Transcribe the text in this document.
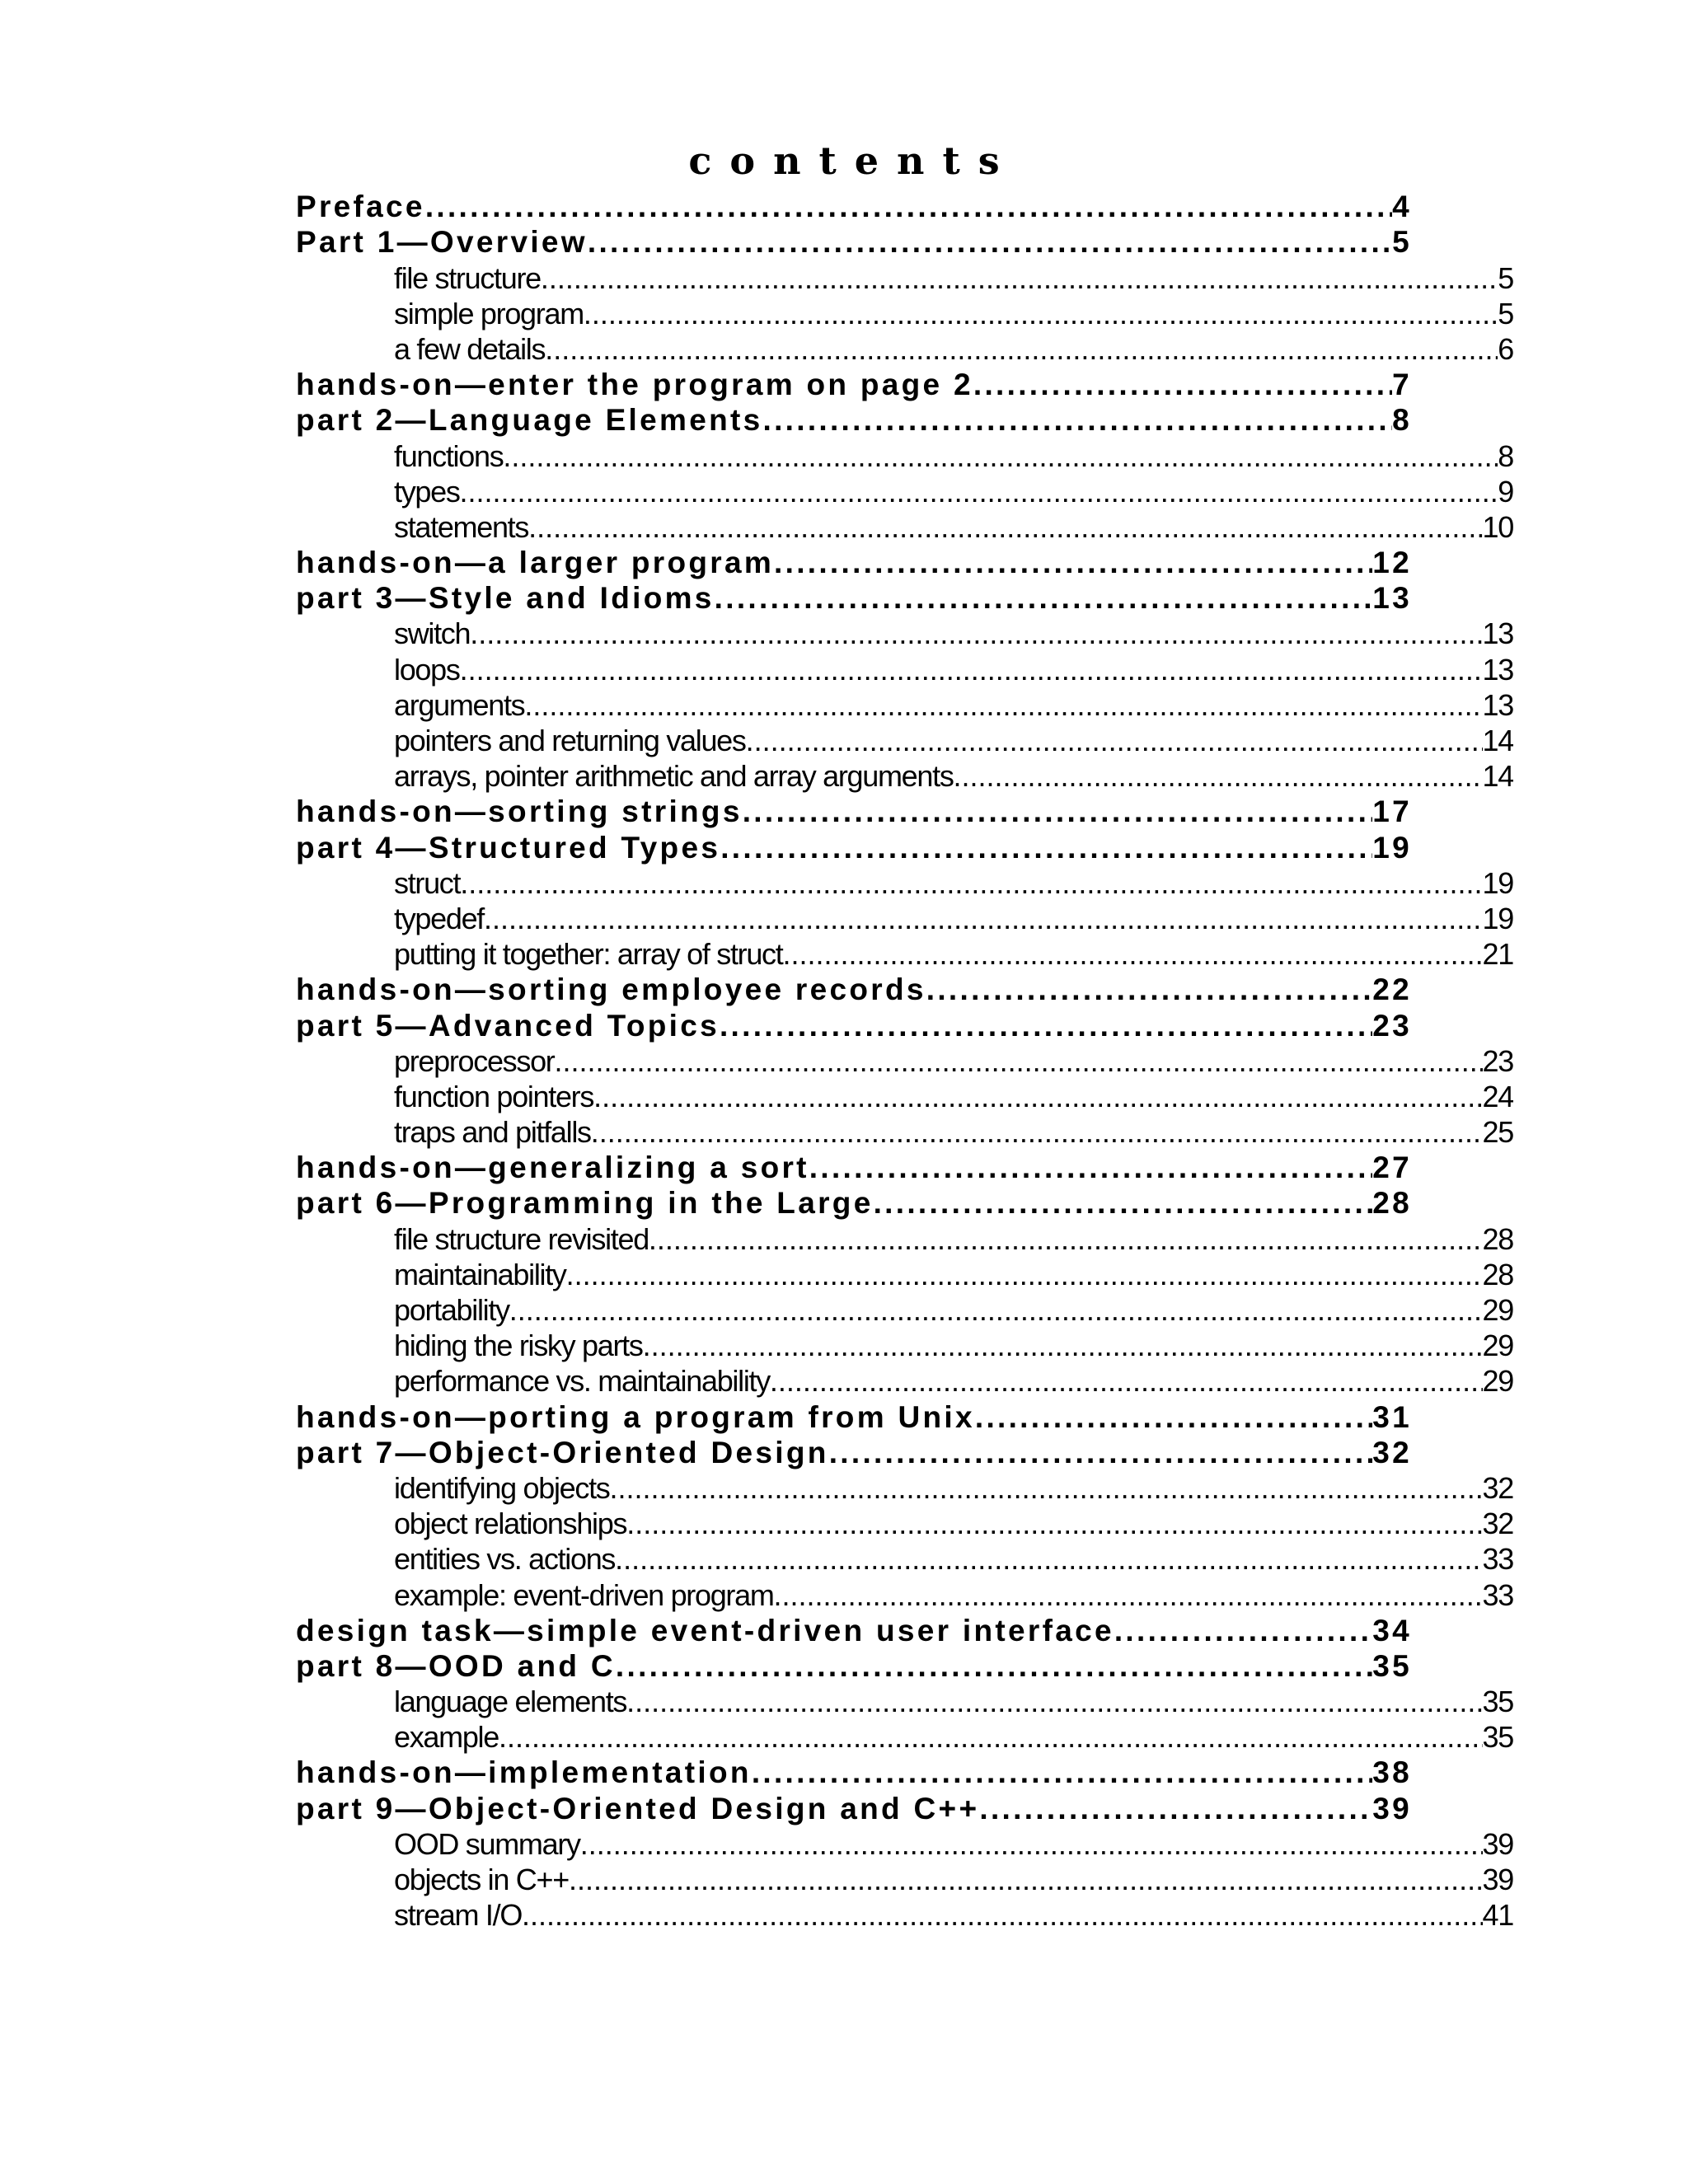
contents
Preface .....	4
Part 1—Overview .....	5
file structure .....	5
simple program .....	5
a few details .....	6
hands-on—enter the program on page 2 .....	7
part 2—Language Elements .....	8
functions .....	8
types .....	9
statements .....	10
hands-on—a larger program .....	12
part 3—Style and Idioms .....	13
switch .....	13
loops .....	13
arguments .....	13
pointers and returning values .....	14
arrays, pointer arithmetic and array arguments .....	14
hands-on—sorting strings .....	17
part 4—Structured Types .....	19
struct .....	19
typedef .....	19
putting it together: array of struct .....	21
hands-on—sorting employee records .....	22
part 5—Advanced Topics .....	23
preprocessor .....	23
function pointers .....	24
traps and pitfalls .....	25
hands-on—generalizing a sort .....	27
part 6—Programming in the Large .....	28
file structure revisited .....	28
maintainability .....	28
portability .....	29
hiding the risky parts .....	29
performance vs. maintainability .....	29
hands-on—porting a program from Unix .....	31
part 7—Object-Oriented Design .....	32
identifying objects .....	32
object relationships .....	32
entities vs. actions .....	33
example: event-driven program .....	33
design task—simple event-driven user interface .....	34
part 8—OOD and C .....	35
language elements .....	35
example .....	35
hands-on—implementation .....	38
part 9—Object-Oriented Design and C++ .....	39
OOD summary .....	39
objects in C++ .....	39
stream I/O .....	41
